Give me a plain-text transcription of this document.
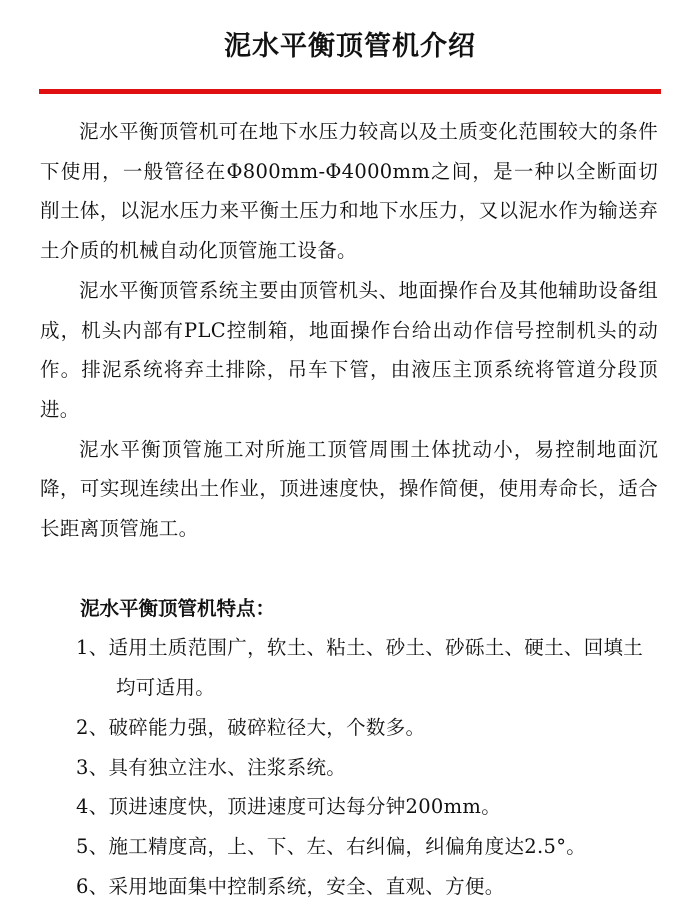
泥水平衡顶管机介绍

泥水平衡顶管机可在地下水压力较高以及土质变化范围较大的条件下使用，一般管径在Φ800mm-Φ4000mm之间，是一种以全断面切削土体，以泥水压力来平衡土压力和地下水压力，又以泥水作为输送弃土介质的机械自动化顶管施工设备。

泥水平衡顶管系统主要由顶管机头、地面操作台及其他辅助设备组成，机头内部有PLC控制箱，地面操作台给出动作信号控制机头的动作。排泥系统将弃土排除，吊车下管，由液压主顶系统将管道分段顶进。

泥水平衡顶管施工对所施工顶管周围土体扰动小，易控制地面沉降，可实现连续出土作业，顶进速度快，操作简便，使用寿命长，适合长距离顶管施工。

泥水平衡顶管机特点：

1、适用土质范围广，软土、粘土、砂土、砂砾土、硬土、回填土均可适用。
2、破碎能力强，破碎粒径大，个数多。
3、具有独立注水、注浆系统。
4、顶进速度快，顶进速度可达每分钟200mm。
5、施工精度高，上、下、左、右纠偏，纠偏角度达2.5°。
6、采用地面集中控制系统，安全、直观、方便。
